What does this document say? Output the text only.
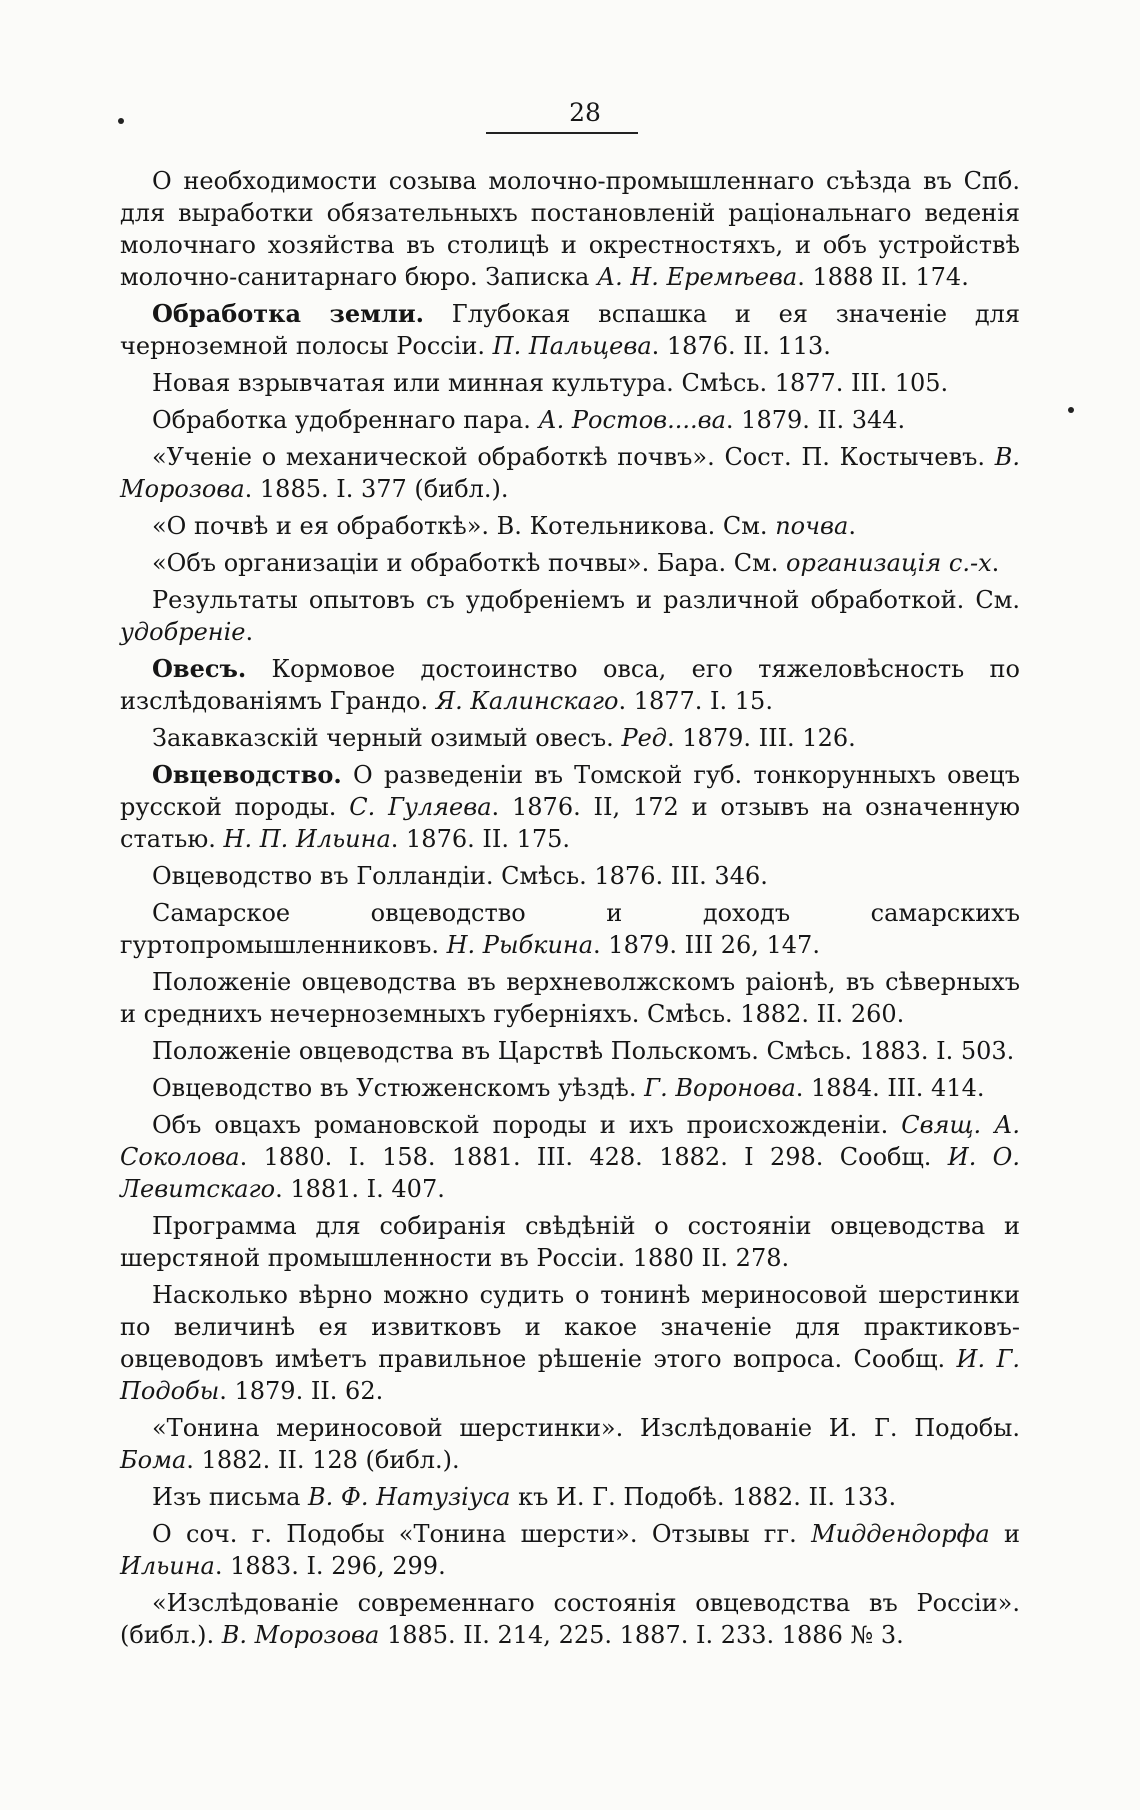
28

О необходимости созыва молочно-промышленнаго съѣзда въ Спб. для выработки обязательныхъ постановленій раціональнаго веденія молочнаго хозяйства въ столицѣ и окрестностяхъ, и объ устройствѣ молочно-санитарнаго бюро. Записка А. Н. Еремѣева. 1888 II. 174.

Обработка земли. Глубокая вспашка и ея значеніе для черноземной полосы Россіи. П. Пальцева. 1876. II. 113.

Новая взрывчатая или минная культура. Смѣсь. 1877. III. 105.

Обработка удобреннаго пара. А. Ростов....ва. 1879. II. 344.

«Ученіе о механической обработкѣ почвъ». Сост. П. Костычевъ. В. Морозова. 1885. I. 377 (библ.).

«О почвѣ и ея обработкѣ». В. Котельникова. См. почва.

«Объ организаціи и обработкѣ почвы». Бара. См. организація с.-х.

Результаты опытовъ съ удобреніемъ и различной обработкой. См. удобреніе.

Овесъ. Кормовое достоинство овса, его тяжеловѣсность по изслѣдованіямъ Грандо. Я. Калинскаго. 1877. I. 15.

Закавказскій черный озимый овесъ. Ред. 1879. III. 126.

Овцеводство. О разведеніи въ Томской губ. тонкорунныхъ овецъ русской породы. С. Гуляева. 1876. II, 172 и отзывъ на означенную статью. Н. П. Ильина. 1876. II. 175.

Овцеводство въ Голландіи. Смѣсь. 1876. III. 346.

Самарское овцеводство и доходъ самарскихъ гуртопромышленниковъ. Н. Рыбкина. 1879. III 26, 147.

Положеніе овцеводства въ верхневолжскомъ раіонѣ, въ сѣверныхъ и среднихъ нечерноземныхъ губерніяхъ. Смѣсь. 1882. II. 260.

Положеніе овцеводства въ Царствѣ Польскомъ. Смѣсь. 1883. I. 503.

Овцеводство въ Устюженскомъ уѣздѣ. Г. Воронова. 1884. III. 414.

Объ овцахъ романовской породы и ихъ происхожденіи. Свящ. А. Соколова. 1880. I. 158. 1881. III. 428. 1882. I 298. Сообщ. И. О. Левитскаго. 1881. I. 407.

Программа для собиранія свѣдѣній о состояніи овцеводства и шерстяной промышленности въ Россіи. 1880 II. 278.

Насколько вѣрно можно судить о тонинѣ мериносовой шерстинки по величинѣ ея извитковъ и какое значеніе для практиковъ-овцеводовъ имѣетъ правильное рѣшеніе этого вопроса. Сообщ. И. Г. Подобы. 1879. II. 62.

«Тонина мериносовой шерстинки». Изслѣдованіе И. Г. Подобы. Бома. 1882. II. 128 (библ.).

Изъ письма В. Ф. Натузіуса къ И. Г. Подобѣ. 1882. II. 133.

О соч. г. Подобы «Тонина шерсти». Отзывы гг. Миддендорфа и Ильина. 1883. I. 296, 299.

«Изслѣдованіе современнаго состоянія овцеводства въ Россіи». (библ.). В. Морозова 1885. II. 214, 225. 1887. I. 233. 1886 № 3.
